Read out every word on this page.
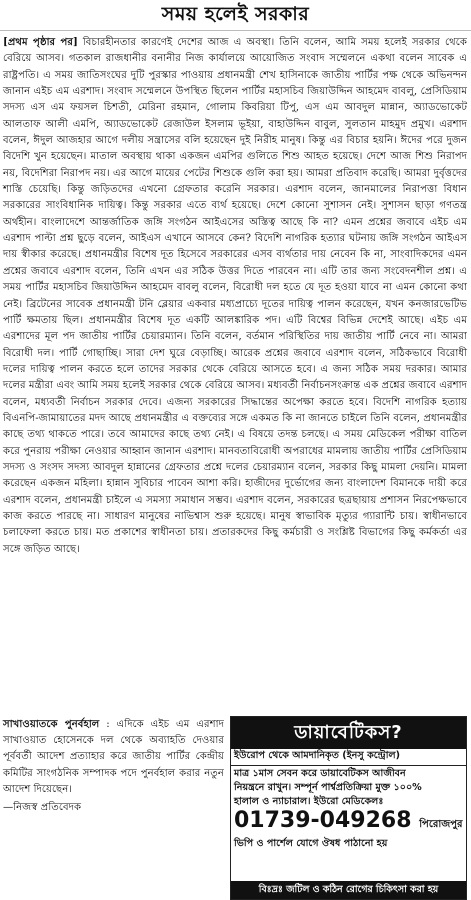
সময় হলেই সরকার

[প্রথম পৃষ্ঠার পর] বিচারহীনতার কারণেই দেশের আজ এ অবস্থা। তিনি বলেন, আমি সময় হলেই সরকার থেকে বেরিয়ে আসব। গতকাল রাজধানীর বনানীর নিজ কার্যালয়ে আয়োজিত সংবাদ সম্মেলনে একথা বলেন সাবেক এ রাষ্ট্রপতি। এ সময় জাতিসংঘের দুটি পুরস্কার পাওয়ায় প্রধানমন্ত্রী শেখ হাসিনাকে জাতীয় পার্টির পক্ষ থেকে অভিনন্দন জানান এইচ এম এরশাদ। সংবাদ সম্মেলনে উপস্থিত ছিলেন পার্টির মহাসচিব জিয়াউদ্দিন আহমেদ বাবলু, প্রেসিডিয়াম সদস্য এস এম ফয়সল চিশতী, মেরিনা রহমান, গোলাম কিবরিয়া টিপু, এস এম আবদুল মান্নান, অ্যাডভোকেট আলতাফ আলী এমপি, অ্যাডভোকেট রেজাউল ইসলাম ভূইয়া, বাহাউদ্দিন বাবুল, সুলতান মাহমুদ প্রমুখ। এরশাদ বলেন, ঈদুল আজহার আগে দলীয় সন্ত্রাসের বলি হয়েছেন দুই নিরীহ মানুষ। কিন্তু এর বিচার হয়নি। ঈদের পরে দুজন বিদেশি খুন হয়েছেন। মাতাল অবস্থায় থাকা একজন এমপির গুলিতে শিশু আহত হয়েছে। দেশে আজ শিশু নিরাপদ নয়, বিদেশিরা নিরাপদ নয়। এর আগে মায়ের পেটের শিশুকে গুলি করা হয়। আমরা প্রতিবাদ করেছি। আমরা দুর্বৃত্তদের শাস্তি চেয়েছি। কিন্তু জড়িতদের এখনো গ্রেফতার করেনি সরকার। এরশাদ বলেন, জানমালের নিরাপত্তা বিধান সরকারের সাংবিধানিক দায়িত্ব। কিন্তু সরকার এতে ব্যর্থ হয়েছে। দেশে কোনো সুশাসন নেই। সুশাসন ছাড়া গণতন্ত্র অর্থহীন। বাংলাদেশে আন্তর্জাতিক জঙ্গি সংগঠন আইএসের অস্তিত্ব আছে কি না? এমন প্রশ্নের জবাবে এইচ এম এরশাদ পাল্টা প্রশ্ন ছুড়ে বলেন, আইএস এখানে আসবে কেন? বিদেশি নাগরিক হত্যার ঘটনায় জঙ্গি সংগঠন আইএস দায় স্বীকার করেছে। প্রধানমন্ত্রীর বিশেষ দূত হিসেবে সরকারের এসব ব্যর্থতার দায় নেবেন কি না, সাংবাদিকদের এমন প্রশ্নের জবাবে এরশাদ বলেন, তিনি এখন এর সঠিক উত্তর দিতে পারবেন না। এটি তার জন্য সংবেদনশীল প্রশ্ন। এ সময় পার্টির মহাসচিব জিয়াউদ্দিন আহমেদ বাবলু বলেন, বিরোধী দল হতে যে দূত হওয়া যাবে না এমন কোনো কথা নেই। ব্রিটেনের সাবেক প্রধানমন্ত্রী টনি ব্লেয়ার একবার মধ্যপ্রাচ্যে দূতের দায়িত্ব পালন করেছেন, যখন কনজারভেটিভ পার্টি ক্ষমতায় ছিল। প্রধানমন্ত্রীর বিশেষ দূত একটি আলঙ্কারিক পদ। এটি বিশ্বের বিভিন্ন দেশেই আছে। এইচ এম এরশাদের মূল পদ জাতীয় পার্টির চেয়ারম্যান। তিনি বলেন, বর্তমান পরিস্থিতির দায় জাতীয় পার্টি নেবে না। আমরা বিরোধী দল। পার্টি গোছাচ্ছি। সারা দেশ ঘুরে বেড়াচ্ছি। আরেক প্রশ্নের জবাবে এরশাদ বলেন, সঠিকভাবে বিরোধী দলের দায়িত্ব পালন করতে হলে তাদের সরকার থেকে বেরিয়ে আসতে হবে। এ জন্য সঠিক সময় দরকার। আমার দলের মন্ত্রীরা এবং আমি সময় হলেই সরকার থেকে বেরিয়ে আসব। মধ্যবর্তী নির্বাচনসংক্রান্ত এক প্রশ্নের জবাবে এরশাদ বলেন, মধ্যবর্তী নির্বাচন সরকার দেবে। এজন্য সরকারের সিদ্ধান্তের অপেক্ষা করতে হবে। বিদেশি নাগরিক হত্যায় বিএনপি-জামায়াতের মদদ আছে প্রধানমন্ত্রীর এ বক্তব্যের সঙ্গে একমত কি না জানতে চাইলে তিনি বলেন, প্রধানমন্ত্রীর কাছে তথ্য থাকতে পারে। তবে আমাদের কাছে তথ্য নেই। এ বিষয়ে তদন্ত চলছে। এ সময় মেডিকেল পরীক্ষা বাতিল করে পুনরায় পরীক্ষা নেওয়ার আহ্বান জানান এরশাদ। মানবতাবিরোধী অপরাধের মামলায় জাতীয় পার্টির প্রেসিডিয়াম সদস্য ও সংসদ সদস্য আবদুল হান্নানের গ্রেফতার প্রশ্নে দলের চেয়ারম্যান বলেন, সরকার কিছু মামলা দেয়নি। মামলা করেছেন একজন মহিলা। হান্নান সুবিচার পাবেন আশা করি। হাজীদের দুর্ভোগের জন্য বাংলাদেশ বিমানকে দায়ী করে এরশাদ বলেন, প্রধানমন্ত্রী চাইলে এ সমস্যা সমাধান সম্ভব। এরশাদ বলেন, সরকারের ছত্রছায়ায় প্রশাসন নিরপেক্ষভাবে কাজ করতে পারছে না। সাধারণ মানুষের নাভিশ্বাস শুরু হয়েছে। মানুষ স্বাভাবিক মৃত্যুর গ্যারান্টি চায়। স্বাধীনভাবে চলাফেলা করতে চায়। মত প্রকাশের স্বাধীনতা চায়। প্রতারকদের কিছু কর্মচারী ও সংশ্লিষ্ট বিভাগের কিছু কর্মকর্তা এর সঙ্গে জড়িত আছে।

সাখাওয়াতকে পুনর্বহাল : এদিকে এইচ এম এরশাদ সাখাওয়াত হোসেনকে দল থেকে অব্যাহতি দেওয়ার পূর্ববর্তী আদেশ প্রত্যাহার করে জাতীয় পার্টির কেন্দ্রীয় কমিটির সাংগঠনিক সম্পাদক পদে পুনর্বহাল করার নতুন আদেশ দিয়েছেন।

—নিজস্ব প্রতিবেদক
ডায়াবেটিকস?
ইউরোপ থেকে আমদানিকৃত (ইনসু কন্ট্রোল)
মাত্র ১মাস সেবন করে ডায়াবেটিকস আজীবন
নিয়ন্ত্রনে রাখুন। সম্পূর্ন পার্শ্বপ্রতিক্রিয়া মুক্ত ১০০%
হালাল ও ন্যাচারাল। ইউরো মেডিকেলঃ
01739-049268 পিরোজপুর
ভিপি ও পার্শেল যোগে ঔষধ পাঠানো হয়
বিঃদ্রঃ জটিল ও কঠিন রোগের চিকিৎসা করা হয়
